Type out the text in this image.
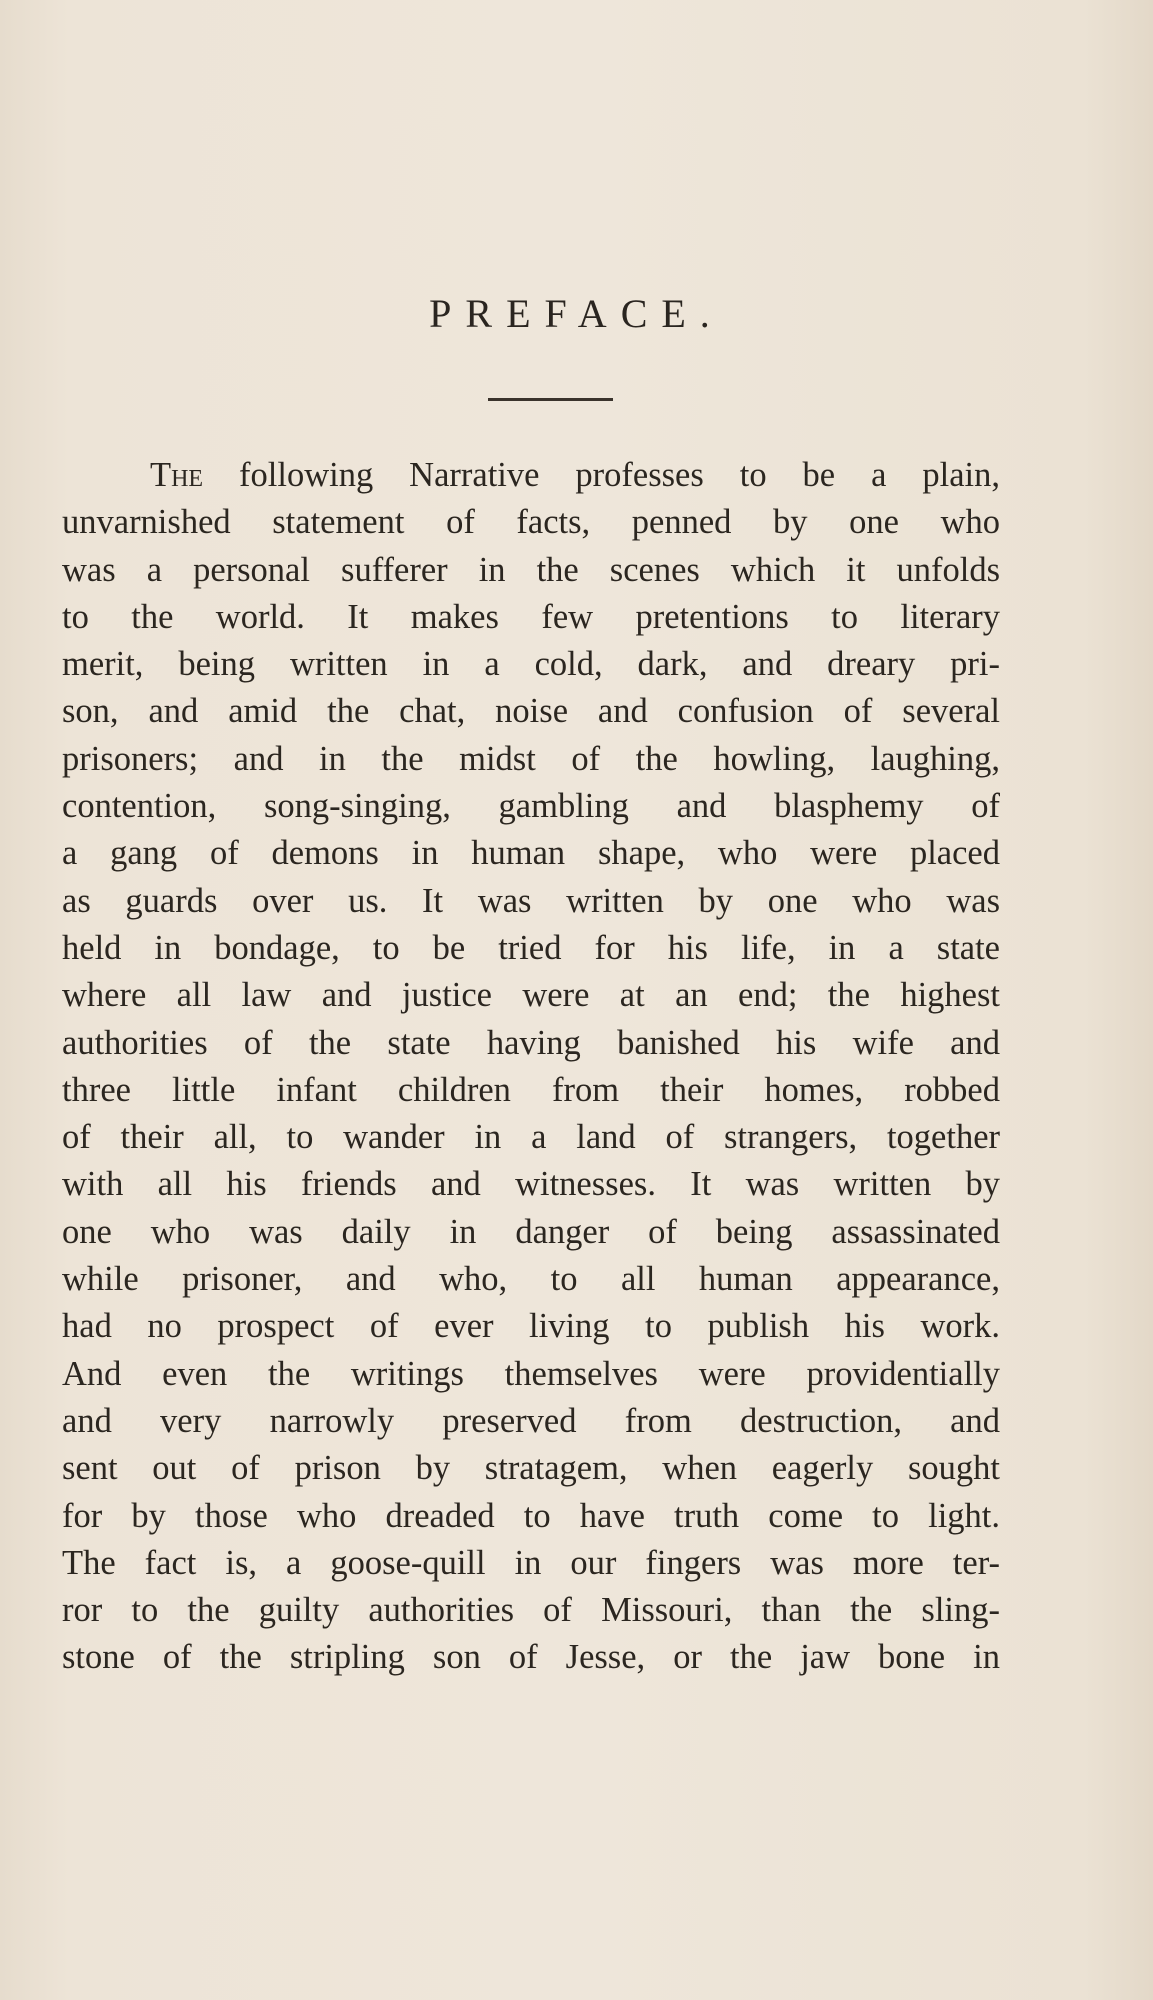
PREFACE.
The following Narrative professes to be a plain,
unvarnished statement of facts, penned by one who
was a personal sufferer in the scenes which it unfolds
to the world. It makes few pretentions to literary
merit, being written in a cold, dark, and dreary pri-
son, and amid the chat, noise and confusion of several
prisoners; and in the midst of the howling, laughing,
contention, song-singing, gambling and blasphemy of
a gang of demons in human shape, who were placed
as guards over us. It was written by one who was
held in bondage, to be tried for his life, in a state
where all law and justice were at an end; the highest
authorities of the state having banished his wife and
three little infant children from their homes, robbed
of their all, to wander in a land of strangers, together
with all his friends and witnesses. It was written by
one who was daily in danger of being assassinated
while prisoner, and who, to all human appearance,
had no prospect of ever living to publish his work.
And even the writings themselves were providentially
and very narrowly preserved from destruction, and
sent out of prison by stratagem, when eagerly sought
for by those who dreaded to have truth come to light.
The fact is, a goose-quill in our fingers was more ter-
ror to the guilty authorities of Missouri, than the sling-
stone of the stripling son of Jesse, or the jaw bone in
